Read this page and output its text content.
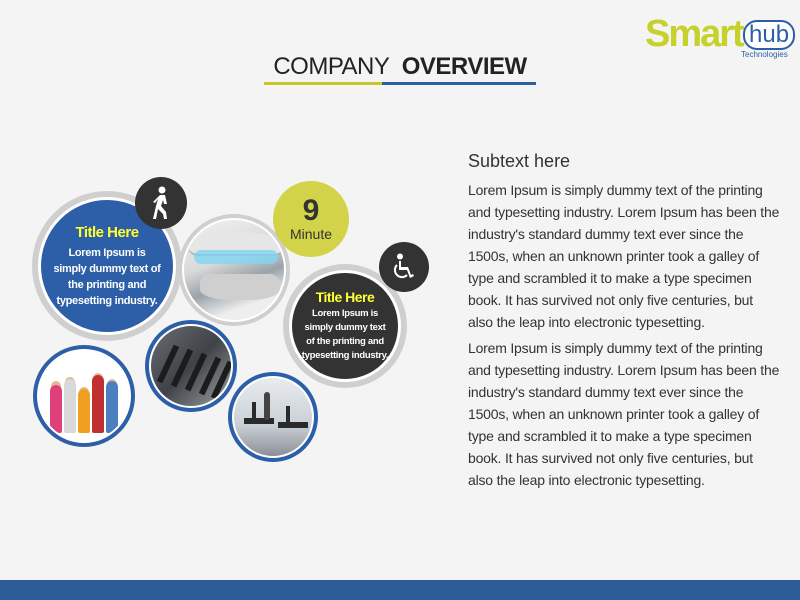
Smart hub
Technologies
COMPANY OVERVIEW
Subtext here
Lorem Ipsum is simply dummy text of the printing and typesetting industry. Lorem Ipsum has been the industry's standard dummy text ever since the 1500s, when an unknown printer took a galley of type and scrambled it to make a type specimen book. It has survived not only five centuries, but also the leap into electronic typesetting.
Lorem Ipsum is simply dummy text of the printing and typesetting industry. Lorem Ipsum has been the industry's standard dummy text ever since the 1500s, when an unknown printer took a galley of type and scrambled it to make a type specimen book. It has survived not only five centuries, but also the leap into electronic typesetting.
Title Here
Lorem Ipsum is simply dummy text of the printing and typesetting industry.
9
Minute
Title Here
Lorem Ipsum is simply dummy text of the printing and typesetting industry.
